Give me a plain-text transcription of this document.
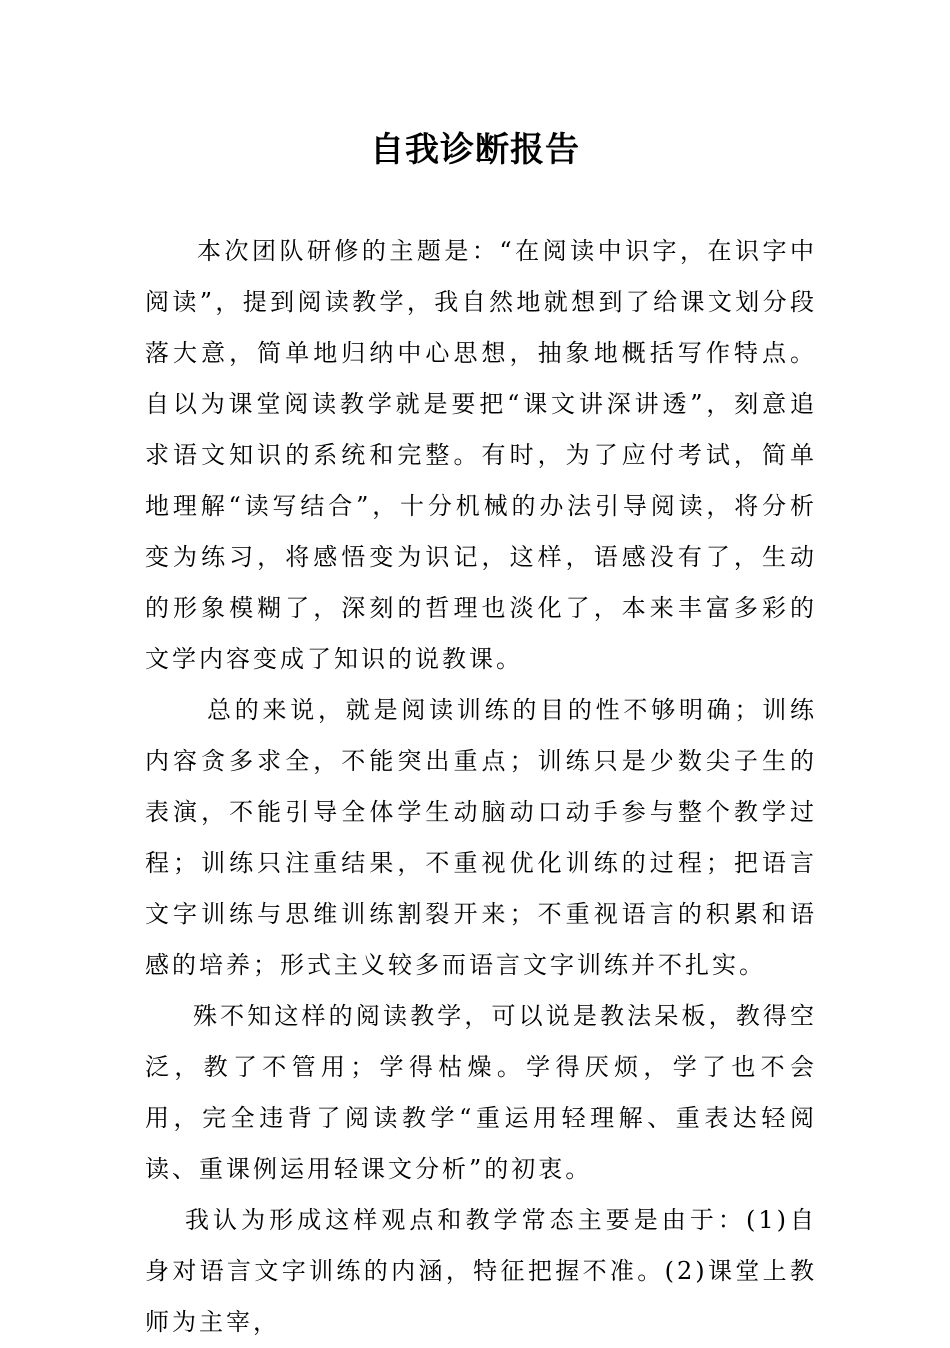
自我诊断报告

本次团队研修的主题是：“在阅读中识字，在识字中阅读”，提到阅读教学，我自然地就想到了给课文划分段落大意，简单地归纳中心思想，抽象地概括写作特点。自以为课堂阅读教学就是要把“课文讲深讲透”，刻意追求语文知识的系统和完整。有时，为了应付考试，简单地理解“读写结合”，十分机械的办法引导阅读，将分析变为练习，将感悟变为识记，这样，语感没有了，生动的形象模糊了，深刻的哲理也淡化了，本来丰富多彩的文学内容变成了知识的说教课。

总的来说，就是阅读训练的目的性不够明确；训练内容贪多求全，不能突出重点；训练只是少数尖子生的表演，不能引导全体学生动脑动口动手参与整个教学过程；训练只注重结果，不重视优化训练的过程；把语言文字训练与思维训练割裂开来；不重视语言的积累和语感的培养；形式主义较多而语言文字训练并不扎实。

殊不知这样的阅读教学，可以说是教法呆板，教得空泛，教了不管用；学得枯燥。学得厌烦，学了也不会用，完全违背了阅读教学“重运用轻理解、重表达轻阅读、重课例运用轻课文分析”的初衷。

我认为形成这样观点和教学常态主要是由于：(1)自身对语言文字训练的内涵，特征把握不准。(2)课堂上教师为主宰，
